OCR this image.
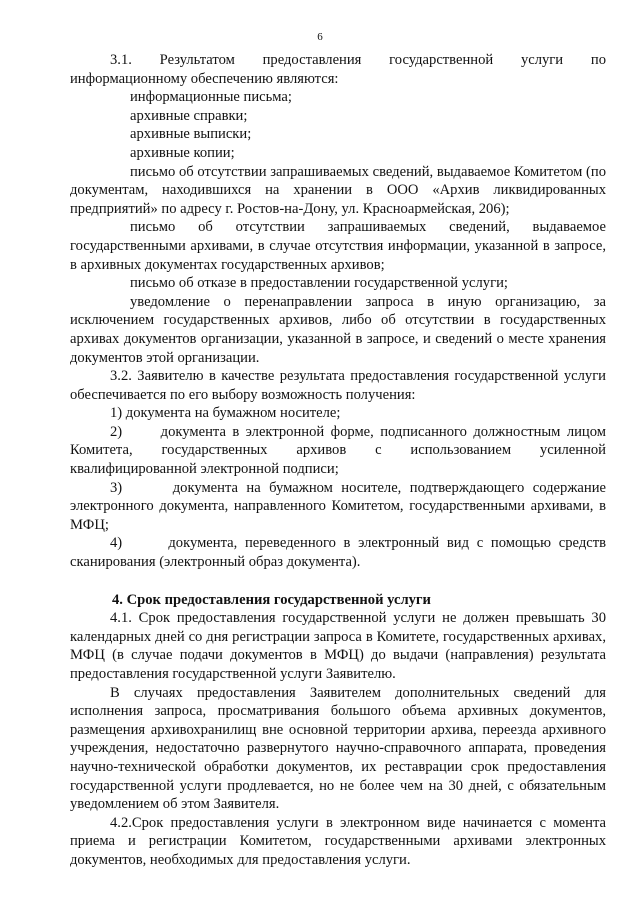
6

3.1. Результатом предоставления государственной услуги по информационному обеспечению являются:

информационные письма;

архивные справки;

архивные выписки;

архивные копии;

письмо об отсутствии запрашиваемых сведений, выдаваемое Комитетом (по документам, находившихся на хранении в ООО «Архив ликвидированных предприятий» по адресу г. Ростов-на-Дону, ул. Красноармейская, 206);

письмо об отсутствии запрашиваемых сведений, выдаваемое государственными архивами, в случае отсутствия информации, указанной в запросе, в архивных документах государственных архивов;

письмо об отказе в предоставлении государственной услуги;

уведомление о перенаправлении запроса в иную организацию, за исключением государственных архивов, либо об отсутствии в государственных архивах документов организации, указанной в запросе, и сведений о месте хранения документов этой организации.

3.2. Заявителю в качестве результата предоставления государственной услуги обеспечивается по его выбору возможность получения:

1) документа на бумажном носителе;

2)      документа в электронной форме, подписанного должностным лицом Комитета, государственных архивов с использованием усиленной квалифицированной электронной подписи;

3)      документа на бумажном носителе, подтверждающего содержание электронного документа, направленного Комитетом, государственными архивами, в МФЦ;

4)      документа, переведенного в электронный вид с помощью средств сканирования (электронный образ документа).

4. Срок предоставления государственной услуги

4.1. Срок предоставления государственной услуги не должен превышать 30 календарных дней со дня регистрации запроса в Комитете, государственных архивах, МФЦ (в случае подачи документов в МФЦ) до выдачи (направления) результата предоставления государственной услуги Заявителю.

В случаях предоставления Заявителем дополнительных сведений для исполнения запроса, просматривания большого объема архивных документов, размещения архивохранилищ вне основной территории архива, переезда архивного учреждения, недостаточно развернутого научно-справочного аппарата, проведения научно-технической обработки документов, их реставрации срок предоставления государственной услуги продлевается, но не более чем на 30 дней, с обязательным уведомлением об этом Заявителя.

4.2.Срок предоставления услуги в электронном виде начинается с момента приема и регистрации Комитетом, государственными архивами электронных документов, необходимых для предоставления услуги.
